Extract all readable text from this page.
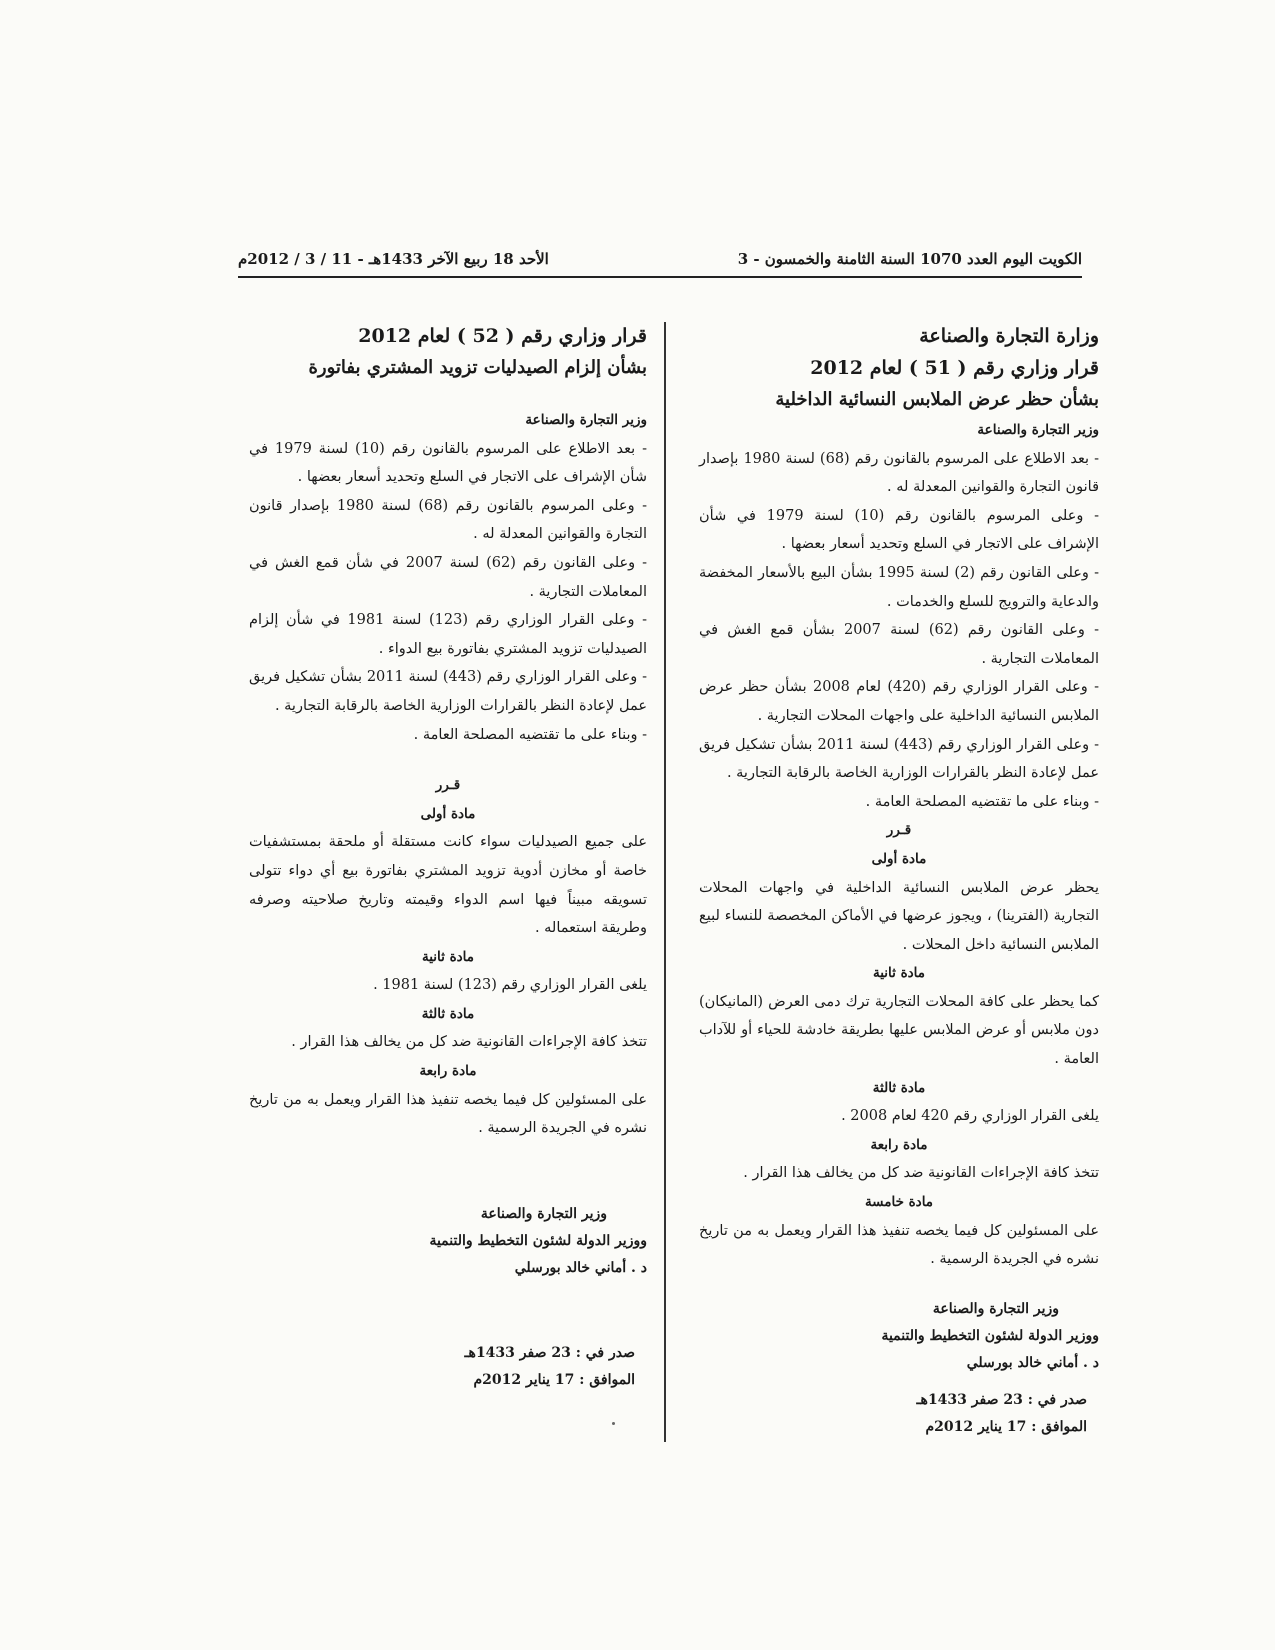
الكويت اليوم العدد 1070 السنة الثامنة والخمسون - 3
الأحد 18 ربيع الآخر 1433هـ - 11 / 3 / 2012م

وزارة التجارة والصناعة

قرار وزاري رقم ( 51 ) لعام 2012

بشأن حظر عرض الملابس النسائية الداخلية

وزير التجارة والصناعة

- بعد الاطلاع على المرسوم بالقانون رقم (68) لسنة 1980 بإصدار قانون التجارة والقوانين المعدلة له .

- وعلى المرسوم بالقانون رقم (10) لسنة 1979 في شأن الإشراف على الاتجار في السلع وتحديد أسعار بعضها .

- وعلى القانون رقم (2) لسنة 1995 بشأن البيع بالأسعار المخفضة والدعاية والترويج للسلع والخدمات .

- وعلى القانون رقم (62) لسنة 2007 بشأن قمع الغش في المعاملات التجارية .

- وعلى القرار الوزاري رقم (420) لعام 2008 بشأن حظر عرض الملابس النسائية الداخلية على واجهات المحلات التجارية .

- وعلى القرار الوزاري رقم (443) لسنة 2011 بشأن تشكيل فريق عمل لإعادة النظر بالقرارات الوزارية الخاصة بالرقابة التجارية .

- وبناء على ما تقتضيه المصلحة العامة .

قـرر

مادة أولى

يحظر عرض الملابس النسائية الداخلية في واجهات المحلات التجارية (الفترينا) ، ويجوز عرضها في الأماكن المخصصة للنساء لبيع الملابس النسائية داخل المحلات .

مادة ثانية

كما يحظر على كافة المحلات التجارية ترك دمى العرض (المانيكان) دون ملابس أو عرض الملابس عليها بطريقة خادشة للحياء أو للآداب العامة .

مادة ثالثة

يلغى القرار الوزاري رقم 420 لعام 2008 .

مادة رابعة

تتخذ كافة الإجراءات القانونية ضد كل من يخالف هذا القرار .

مادة خامسة

على المسئولين كل فيما يخصه تنفيذ هذا القرار ويعمل به من تاريخ نشره في الجريدة الرسمية .

وزير التجارة والصناعة

ووزير الدولة لشئون التخطيط والتنمية

د . أماني خالد بورسلي

صدر في : 23 صفر 1433هـ

الموافق : 17 يناير 2012م

قرار وزاري رقم ( 52 ) لعام 2012

بشأن إلزام الصيدليات تزويد المشتري بفاتورة

وزير التجارة والصناعة

- بعد الاطلاع على المرسوم بالقانون رقم (10) لسنة 1979 في شأن الإشراف على الاتجار في السلع وتحديد أسعار بعضها .

- وعلى المرسوم بالقانون رقم (68) لسنة 1980 بإصدار قانون التجارة والقوانين المعدلة له .

- وعلى القانون رقم (62) لسنة 2007 في شأن قمع الغش في المعاملات التجارية .

- وعلى القرار الوزاري رقم (123) لسنة 1981 في شأن إلزام الصيدليات تزويد المشتري بفاتورة بيع الدواء .

- وعلى القرار الوزاري رقم (443) لسنة 2011 بشأن تشكيل فريق عمل لإعادة النظر بالقرارات الوزارية الخاصة بالرقابة التجارية .

- وبناء على ما تقتضيه المصلحة العامة .

قـرر

مادة أولى

على جميع الصيدليات سواء كانت مستقلة أو ملحقة بمستشفيات خاصة أو مخازن أدوية تزويد المشتري بفاتورة بيع أي دواء تتولى تسويقه مبيناً فيها اسم الدواء وقيمته وتاريخ صلاحيته وصرفه وطريقة استعماله .

مادة ثانية

يلغى القرار الوزاري رقم (123) لسنة 1981 .

مادة ثالثة

تتخذ كافة الإجراءات القانونية ضد كل من يخالف هذا القرار .

مادة رابعة

على المسئولين كل فيما يخصه تنفيذ هذا القرار ويعمل به من تاريخ نشره في الجريدة الرسمية .

وزير التجارة والصناعة

ووزير الدولة لشئون التخطيط والتنمية

د . أماني خالد بورسلي

صدر في : 23 صفر 1433هـ

الموافق : 17 يناير 2012م
